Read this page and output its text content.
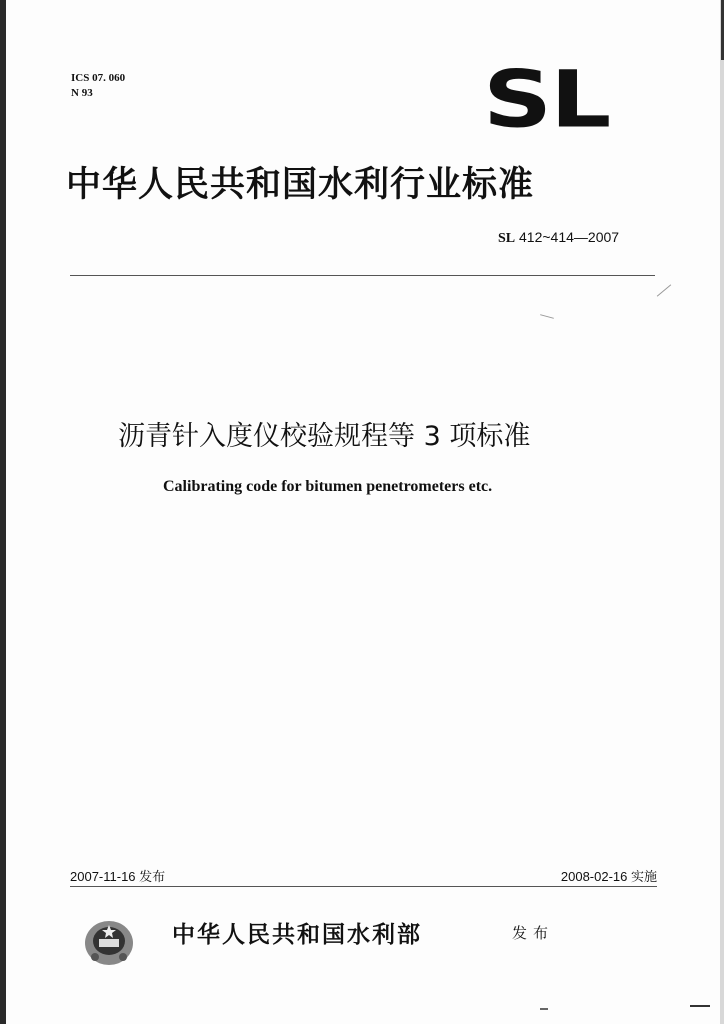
ICS 07. 060
N 93	SL
中华人民共和国水利行业标准
SL 412~414—2007
沥青针入度仪校验规程等 3 项标准
Calibrating code for bitumen penetrometers etc.
2007-11-16 发布	2008-02-16 实施
中华人民共和国水利部	发布
